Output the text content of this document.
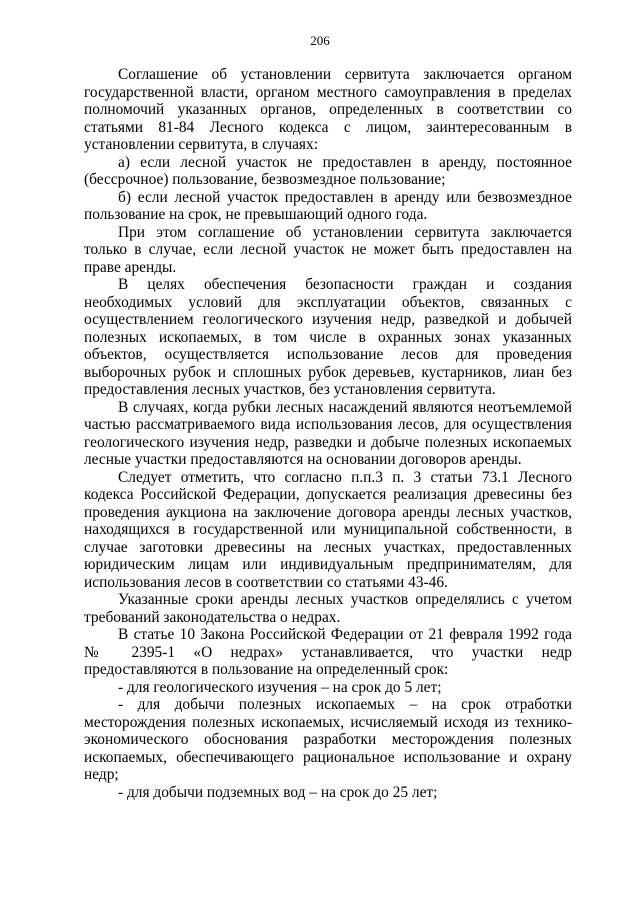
206

Соглашение об установлении сервитута заключается органом государственной власти, органом местного самоуправления в пределах полномочий указанных органов, определенных в соответствии со статьями 81-84 Лесного кодекса с лицом, заинтересованным в установлении сервитута, в случаях:

а) если лесной участок не предоставлен в аренду, постоянное (бессрочное) пользование, безвозмездное пользование;

б) если лесной участок предоставлен в аренду или безвозмездное пользование на срок, не превышающий одного года.

При этом соглашение об установлении сервитута заключается только в случае, если лесной участок не может быть предоставлен на праве аренды.

В целях обеспечения безопасности граждан и создания необходимых условий для эксплуатации объектов, связанных с осуществлением геологического изучения недр, разведкой и добычей полезных ископаемых, в том числе в охранных зонах указанных объектов, осуществляется использование лесов для проведения выборочных рубок и сплошных рубок деревьев, кустарников, лиан без предоставления лесных участков, без установления сервитута.

В случаях, когда рубки лесных насаждений являются неотъемлемой частью рассматриваемого вида использования лесов, для осуществления геологического изучения недр, разведки и добыче полезных ископаемых лесные участки предоставляются на основании договоров аренды.

Следует отметить, что согласно п.п.3 п. 3 статьи 73.1 Лесного кодекса Российской Федерации, допускается реализация древесины без проведения аукциона на заключение договора аренды лесных участков, находящихся в государственной или муниципальной собственности, в случае заготовки древесины на лесных участках, предоставленных юридическим лицам или индивидуальным предпринимателям, для использования лесов в соответствии со статьями 43-46.

Указанные сроки аренды лесных участков определялись с учетом требований законодательства о недрах.

В статье 10 Закона Российской Федерации от 21 февраля 1992 года № 2395-1 «О недрах» устанавливается, что участки недр предоставляются в пользование на определенный срок:

- для геологического изучения – на срок до 5 лет;

- для добычи полезных ископаемых – на срок отработки месторождения полезных ископаемых, исчисляемый исходя из технико-экономического обоснования разработки месторождения полезных ископаемых, обеспечивающего рациональное использование и охрану недр;

- для добычи подземных вод – на срок до 25 лет;
